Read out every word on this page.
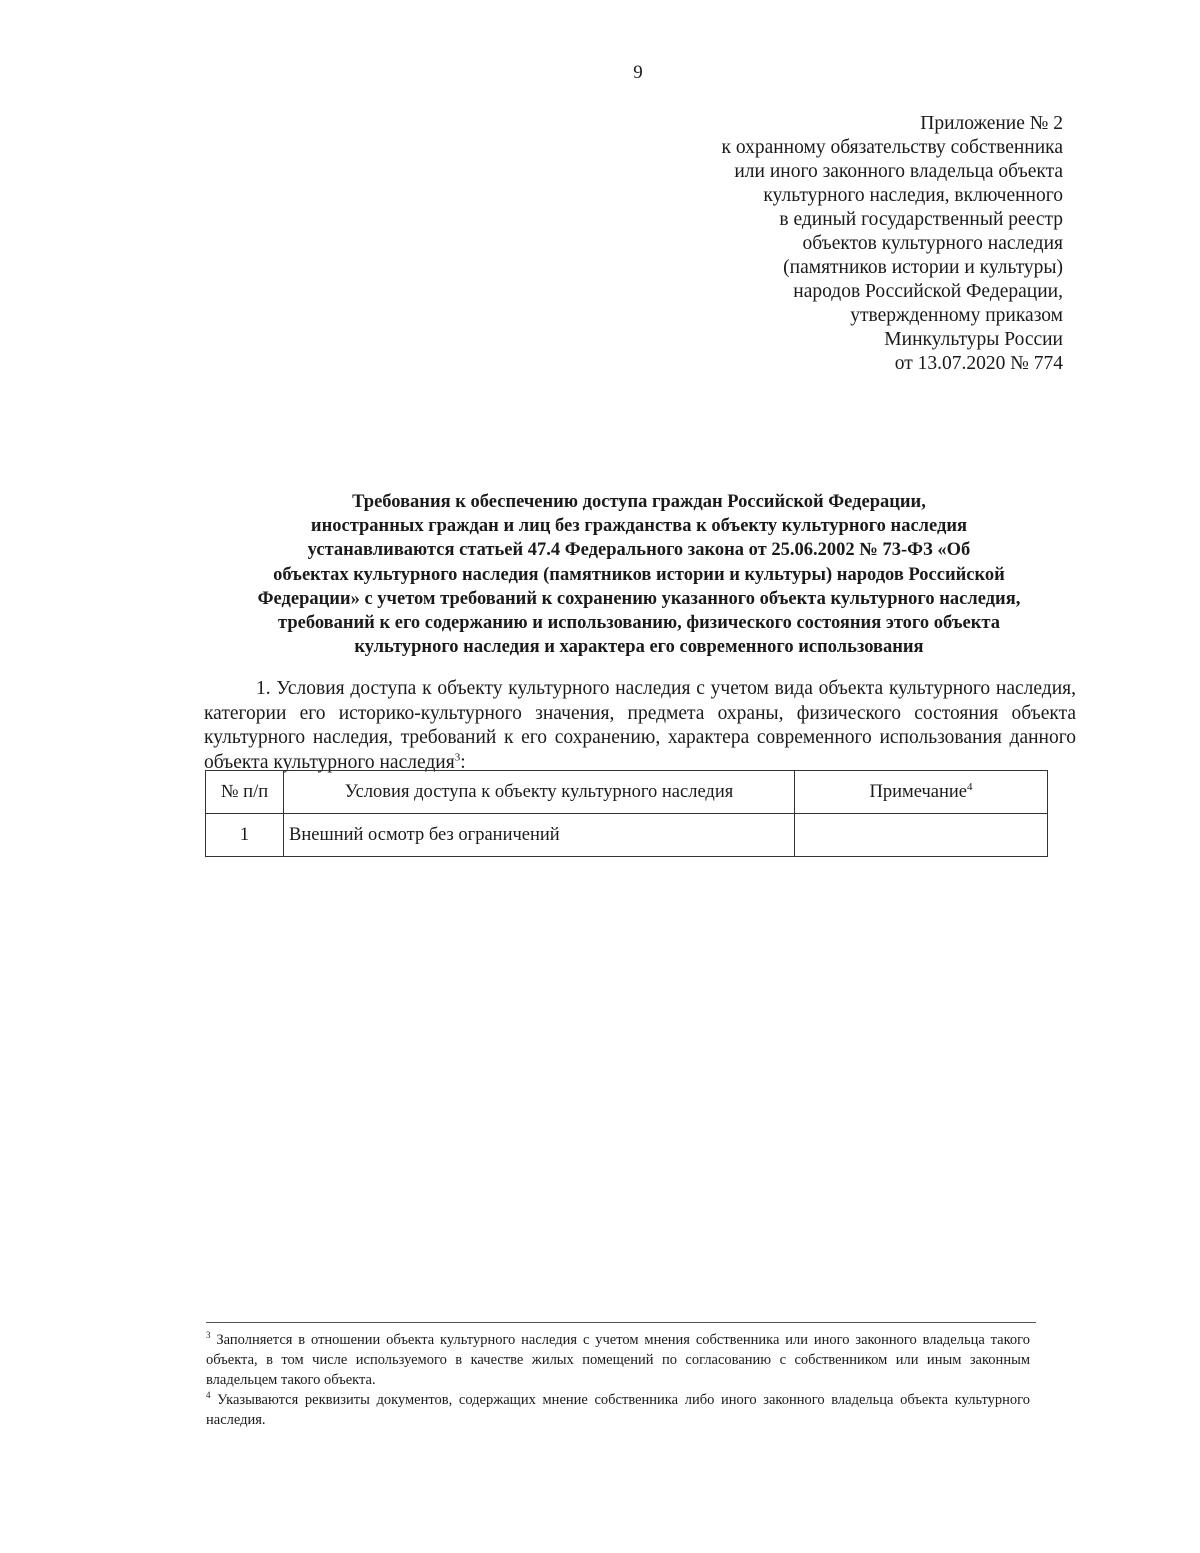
9
Приложение № 2
к охранному обязательству собственника
или иного законного владельца объекта
культурного наследия, включенного
в единый государственный реестр
объектов культурного наследия
(памятников истории и культуры)
народов Российской Федерации,
утвержденному приказом
Минкультуры России
от 13.07.2020 № 774
Требования к обеспечению доступа граждан Российской Федерации,
иностранных граждан и лиц без гражданства к объекту культурного наследия
устанавливаются статьей 47.4 Федерального закона от 25.06.2002 № 73-ФЗ «Об
объектах культурного наследия (памятников истории и культуры) народов Российской
Федерации» с учетом требований к сохранению указанного объекта культурного наследия,
требований к его содержанию и использованию, физического состояния этого объекта
культурного наследия и характера его современного использования
1. Условия доступа к объекту культурного наследия с учетом вида объекта культурного наследия, категории его историко-культурного значения, предмета охраны, физического состояния объекта культурного наследия, требований к его сохранению, характера современного использования данного объекта культурного наследия$^3$:
№ п/п	Условия доступа к объекту культурного наследия	Примечание$^4$
1	Внешний осмотр без ограничений	

$^3$ Заполняется в отношении объекта культурного наследия с учетом мнения собственника или иного законного владельца такого объекта, в том числе используемого в качестве жилых помещений по согласованию с собственником или иным законным владельцем такого объекта.

$^4$ Указываются реквизиты документов, содержащих мнение собственника либо иного законного владельца объекта культурного наследия.
